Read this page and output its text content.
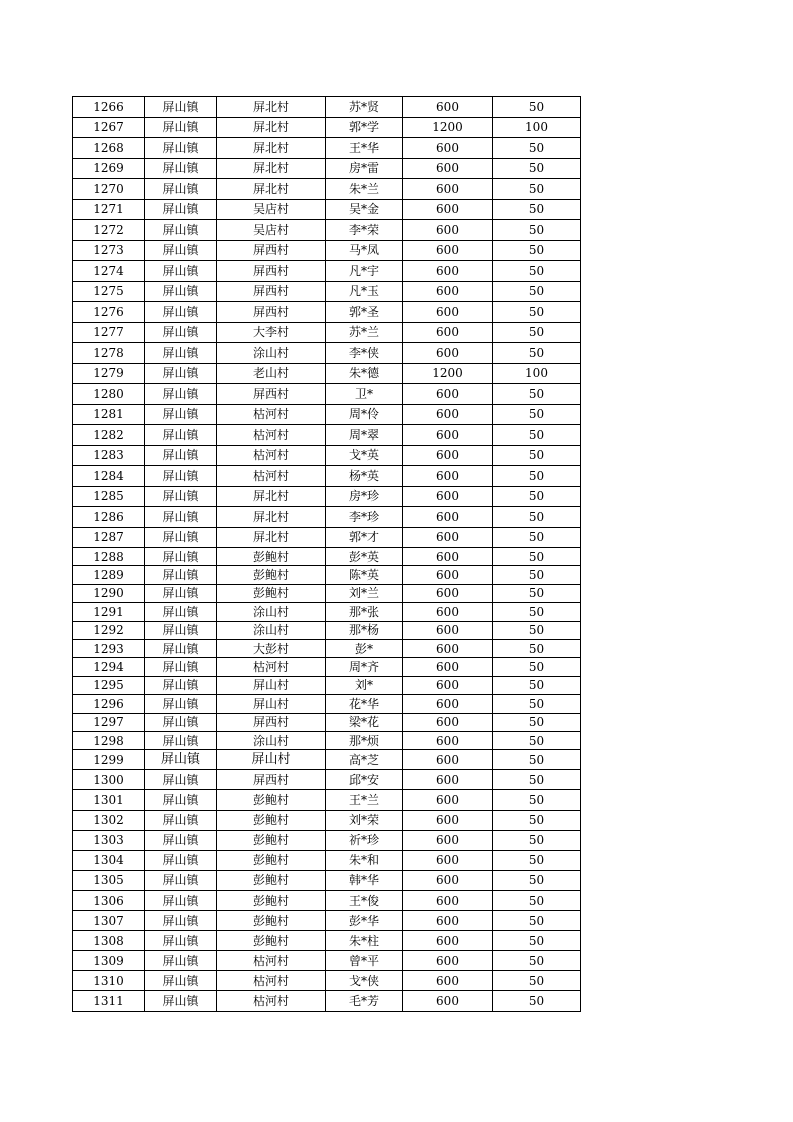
1266	屏山镇	屏北村	苏*贤	600	50
1267	屏山镇	屏北村	郭*学	1200	100
1268	屏山镇	屏北村	王*华	600	50
1269	屏山镇	屏北村	房*雷	600	50
1270	屏山镇	屏北村	朱*兰	600	50
1271	屏山镇	吴店村	吴*金	600	50
1272	屏山镇	吴店村	李*荣	600	50
1273	屏山镇	屏西村	马*凤	600	50
1274	屏山镇	屏西村	凡*宇	600	50
1275	屏山镇	屏西村	凡*玉	600	50
1276	屏山镇	屏西村	郭*圣	600	50
1277	屏山镇	大李村	苏*兰	600	50
1278	屏山镇	涂山村	李*侠	600	50
1279	屏山镇	老山村	朱*德	1200	100
1280	屏山镇	屏西村	卫*	600	50
1281	屏山镇	枯河村	周*伶	600	50
1282	屏山镇	枯河村	周*翠	600	50
1283	屏山镇	枯河村	戈*英	600	50
1284	屏山镇	枯河村	杨*英	600	50
1285	屏山镇	屏北村	房*珍	600	50
1286	屏山镇	屏北村	李*珍	600	50
1287	屏山镇	屏北村	郭*才	600	50
1288	屏山镇	彭鲍村	彭*英	600	50
1289	屏山镇	彭鲍村	陈*英	600	50
1290	屏山镇	彭鲍村	刘*兰	600	50
1291	屏山镇	涂山村	那*张	600	50
1292	屏山镇	涂山村	那*杨	600	50
1293	屏山镇	大彭村	彭*	600	50
1294	屏山镇	枯河村	周*齐	600	50
1295	屏山镇	屏山村	刘*	600	50
1296	屏山镇	屏山村	花*华	600	50
1297	屏山镇	屏西村	梁*花	600	50
1298	屏山镇	涂山村	那*烦	600	50
1299	屏山镇	屏山村	高*芝	600	50
1300	屏山镇	屏西村	邱*安	600	50
1301	屏山镇	彭鲍村	王*兰	600	50
1302	屏山镇	彭鲍村	刘*荣	600	50
1303	屏山镇	彭鲍村	祈*珍	600	50
1304	屏山镇	彭鲍村	朱*和	600	50
1305	屏山镇	彭鲍村	韩*华	600	50
1306	屏山镇	彭鲍村	王*俊	600	50
1307	屏山镇	彭鲍村	彭*华	600	50
1308	屏山镇	彭鲍村	朱*柱	600	50
1309	屏山镇	枯河村	曾*平	600	50
1310	屏山镇	枯河村	戈*侠	600	50
1311	屏山镇	枯河村	毛*芳	600	50
